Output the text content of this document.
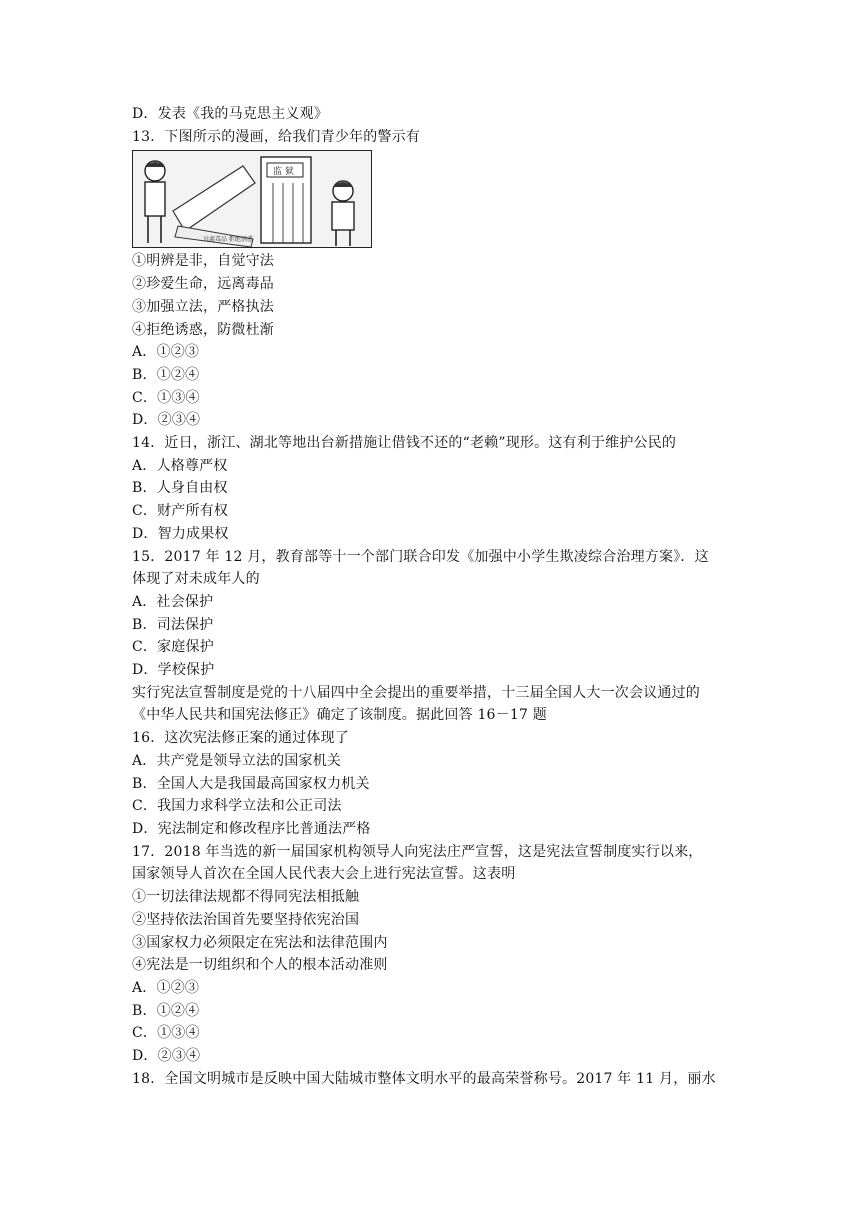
D．发表《我的马克思主义观》
13．下图所示的漫画，给我们青少年的警示有
远离毒品 拒绝诱惑
监 狱
①明辨是非，自觉守法
②珍爱生命，远离毒品
③加强立法，严格执法
④拒绝诱惑，防微杜渐
A．①②③
B．①②④
C．①③④
D．②③④
14．近日，浙江、湖北等地出台新措施让借钱不还的“老赖”现形。这有利于维护公民的
A．人格尊严权
B．人身自由权
C．财产所有权
D．智力成果权
15．2017 年 12 月，教育部等十一个部门联合印发《加强中小学生欺凌综合治理方案》．这
体现了对未成年人的
A．社会保护
B．司法保护
C．家庭保护
D．学校保护
实行宪法宣誓制度是党的十八届四中全会提出的重要举措，十三届全国人大一次会议通过的
《中华人民共和国宪法修正》确定了该制度。据此回答 16－17 题
16．这次宪法修正案的通过体现了
A．共产党是领导立法的国家机关
B．全国人大是我国最高国家权力机关
C．我国力求科学立法和公正司法
D．宪法制定和修改程序比普通法严格
17．2018 年当选的新一届国家机构领导人向宪法庄严宣誓，这是宪法宣誓制度实行以来，
国家领导人首次在全国人民代表大会上进行宪法宣誓。这表明
①一切法律法规都不得同宪法相抵触
②坚持依法治国首先要坚持依宪治国
③国家权力必须限定在宪法和法律范围内
④宪法是一切组织和个人的根本活动准则
A．①②③
B．①②④
C．①③④
D．②③④
18．全国文明城市是反映中国大陆城市整体文明水平的最高荣誉称号。2017 年 11 月，丽水
